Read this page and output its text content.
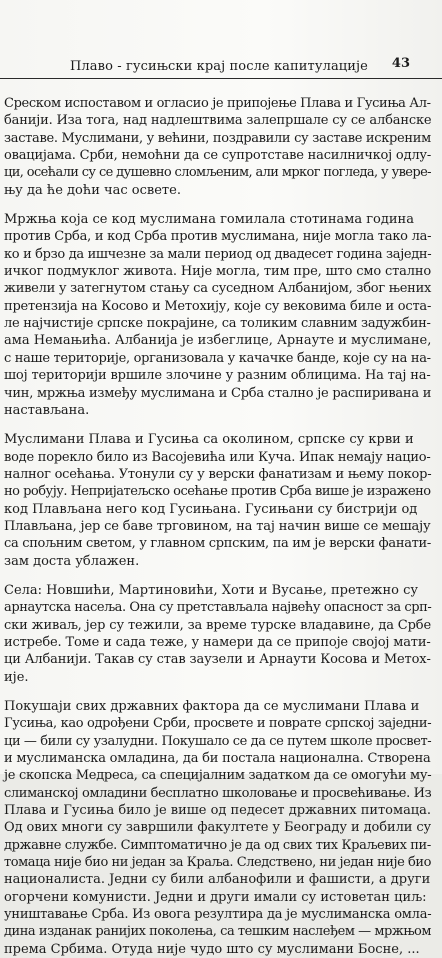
Плаво - гусињски крај после капитулације 43

Среском испоставом и огласио је припојење Плава и Гусиња Ал-
банији. Иза тога, над надлештвима залепршале су се албанске
заставе. Муслимани, у већини, поздравили су заставе искреним
овацијама. Срби, немоћни да се супротставе насилничкој одлу-
ци, осећали су се душевно сломљеним, али мрког погледа, у увере-
њу да ће доћи час освете.

Мржња која се код муслимана гомилала стотинама година
против Срба, и код Срба против муслимана, није могла тако ла-
ко и брзо да ишчезне за мали период од двадесет година заједн-
ичког подмуклог живота. Није могла, тим пре, што смо стално
живели у затегнутом стању са суседном Албанијом, због њених
претензија на Косово и Метохију, које су вековима биле и оста-
ле најчистије српске покрајине, са толиким славним задужбин-
ама Немањића. Албанија је избеглице, Арнауте и муслимане,
с наше територије, организовала у качачке банде, које су на на-
шој територији вршиле злочине у разним облицима. На тај на-
чин, мржња између муслимана и Срба стално је распиривана и
настављана.

Муслимани Плава и Гусиња са околином, српске су крви и
воде порекло било из Васојевића или Куча. Ипак немају нацио-
налног осећања. Утонули су у верски фанатизам и њему покор-
но робују. Непријатељско осећање против Срба више је изражено
код Плављана него код Гусињана. Гусињани су бистрији од
Плављана, јер се баве трговином, на тај начин више се мешају
са спољним светом, у главном српским, па им је верски фанати-
зам доста ублажен.

Села: Новшићи, Мартиновићи, Хоти и Вусање, претежно су
арнаутска насеља. Она су претстављала највећу опасност за срп-
ски живаљ, јер су тежили, за време турске владавине, да Србе
истребе. Томе и сада теже, у намери да се припоје својој мати-
ци Албанији. Такав су став заузели и Арнаути Косова и Метох-
ије.

Покушаји свих државних фактора да се муслимани Плава и
Гусиња, као одрођени Срби, просвете и поврате српској заједни-
ци — били су узалудни. Покушало се да се путем школе просвет-
и муслиманска омладина, да би постала национална. Створена
је скопска Медреса, са специјалним задатком да се омогући му-
слиманској омладини бесплатно школовање и просвећивање. Из
Плава и Гусиња било је више од педесет државних питомаца.
Од ових многи су завршили факултете у Београду и добили су
државне службе. Симптоматично је да од свих тих Краљевих пи-
томаца није био ни један за Краља. Следствено, ни један није био
националиста. Једни су били албанофили и фашисти, а други
огорчени комунисти. Једни и други имали су истоветан циљ:
уништавање Срба. Из овога резултира да је муслиманска омла-
дина изданак ранијих поколења, са тешким наслеђем — мржњом
према Србима. Отуда није чудо што су муслимани Босне, ...
